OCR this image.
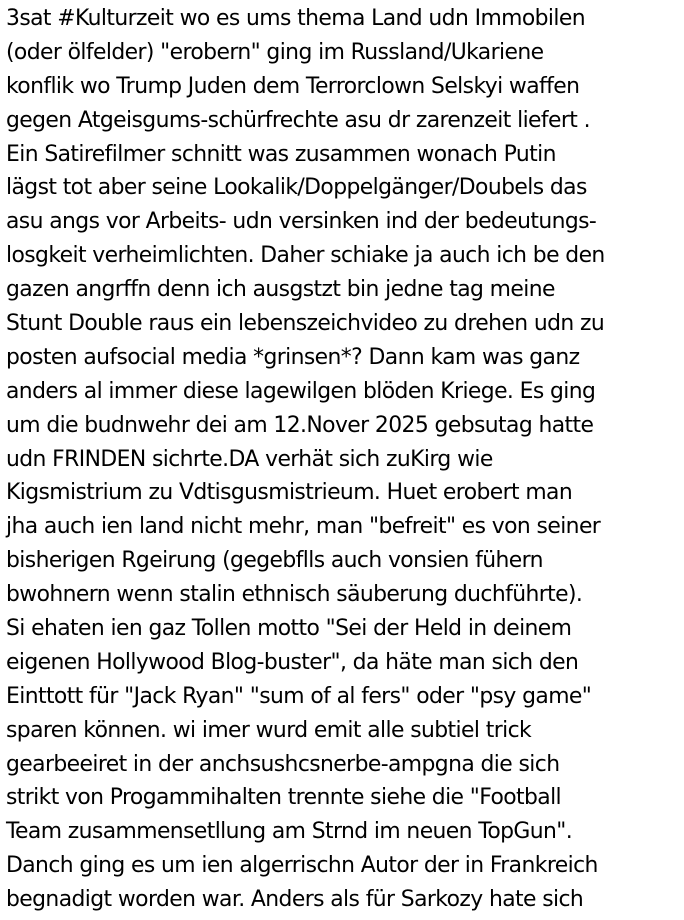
3sat #Kulturzeit wo es ums thema Land udn Immobilen
(oder ölfelder) "erobern" ging im Russland/Ukariene
konflik wo Trump Juden dem Terrorclown Selskyi waffen
gegen Atgeisgums-schürfrechte asu dr zarenzeit liefert .
Ein Satirefilmer schnitt was zusammen wonach Putin
lägst tot aber seine Lookalik/Doppelgänger/Doubels das
asu angs vor Arbeits- udn versinken ind der bedeutungs-
losgkeit verheimlichten. Daher schiake ja auch ich be den
gazen angrffn denn ich ausgstzt bin jedne tag meine
Stunt Double raus ein lebenszeichvideo zu drehen udn zu
posten aufsocial media *grinsen*? Dann kam was ganz
anders al immer diese lagewilgen blöden Kriege. Es ging
um die budnwehr dei am 12.Nover 2025 gebsutag hatte
udn FRINDEN sichrte.DA verhät sich zuKirg wie
Kigsmistrium zu Vdtisgusmistrieum. Huet erobert man
jha auch ien land nicht mehr, man "befreit" es von seiner
bisherigen Rgeirung (gegebflls auch vonsien fühern
bwohnern wenn stalin ethnisch säuberung duchführte).
Si ehaten ien gaz Tollen motto "Sei der Held in deinem
eigenen Hollywood Blog-buster", da häte man sich den
Einttott für "Jack Ryan" "sum of al fers" oder "psy game"
sparen können. wi imer wurd emit alle subtiel trick
gearbeeiret in der anchsushcsnerbe-ampgna die sich
strikt von Progammihalten trennte siehe die "Football
Team zusammensetllung am Strnd im neuen TopGun".
Danch ging es um ien algerrischn Autor der in Frankreich
begnadigt worden war. Anders als für Sarkozy hate sich
